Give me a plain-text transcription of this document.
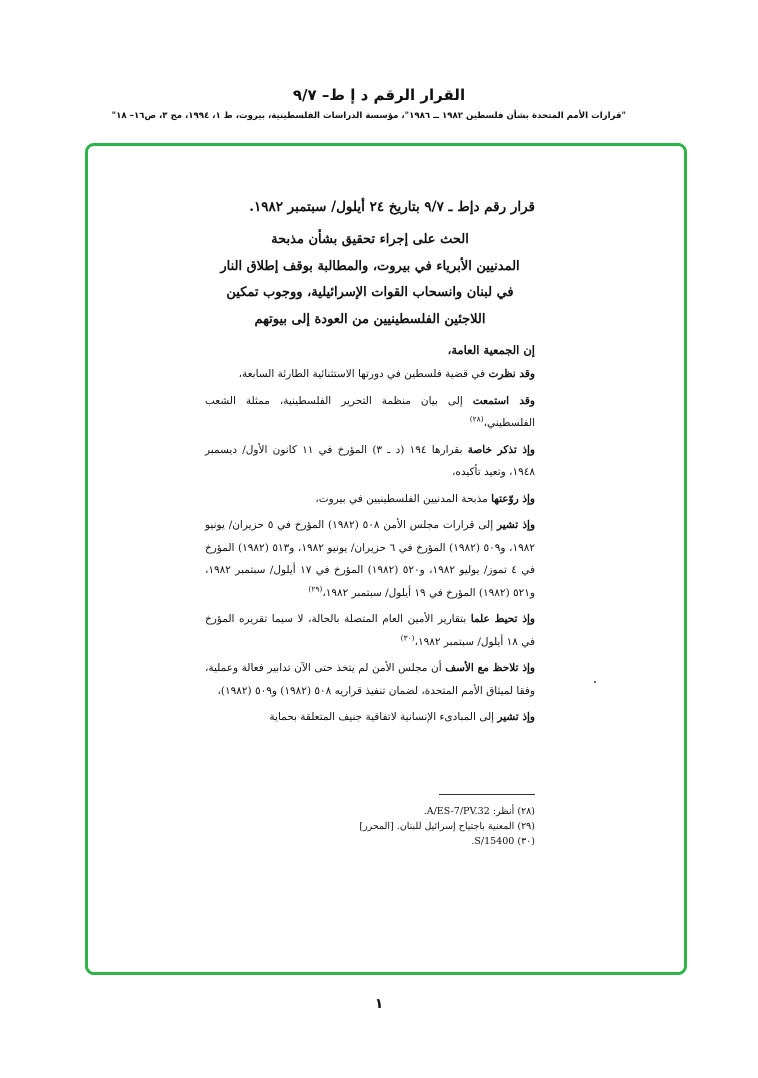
القرار الرقم د إ ط– ٩/٧
"قرارات الأمم المتحدة بشأن فلسطين ١٩٨٢ ــ ١٩٨٦"، مؤسسة الدراسات الفلسطينية، بيروت، ط ١، ١٩٩٤، مج ٣، ص١٦– ١٨"
قرار رقم دإط ـ ٩/٧ بتاريخ ٢٤ أيلول/ سبتمبر ١٩٨٢.
الحث على إجراء تحقيق بشأن مذبحة
المدنيين الأبرياء في بيروت، والمطالبة بوقف إطلاق النار
في لبنان وانسحاب القوات الإسرائيلية، ووجوب تمكين
اللاجئين الفلسطينيين من العودة إلى بيوتهم
إن الجمعية العامة،
وقد نظرت في قضية فلسطين في دورتها الاستثنائية الطارئة السابعة،
وقد استمعت إلى بيان منظمة التحرير الفلسطينية، ممثلة الشعب الفلسطيني،$^{(٢٨)}$
وإذ تذكر خاصة بقرارها ١٩٤ (د ـ ٣) المؤرخ في ١١ كانون الأول/ ديسمبر ١٩٤٨، وتعيد تأكيده،
وإذ روّعتها مذبحة المدنيين الفلسطينيين في بيروت،
وإذ تشير إلى قرارات مجلس الأمن ٥٠٨ (١٩٨٢) المؤرخ في ٥ حزيران/ يونيو ١٩٨٢، و٥٠٩ (١٩٨٢) المؤرخ في ٦ حزيران/ يونيو ١٩٨٢، و٥١٣ (١٩٨٢) المؤرخ في ٤ تموز/ يوليو ١٩٨٢، و٥٢٠ (١٩٨٢) المؤرخ في ١٧ أيلول/ سبتمبر ١٩٨٢، و٥٢١ (١٩٨٢) المؤرخ في ١٩ أيلول/ سبتمبر ١٩٨٢،$^{(٢٩)}$
وإذ تحيط علما بتقارير الأمين العام المتصلة بالحالة، لا سيما تقريره المؤرخ في ١٨ أيلول/ سبتمبر ١٩٨٢،$^{(٣٠)}$
وإذ تلاحظ مع الأسف أن مجلس الأمن لم يتخذ حتى الآن تدابير فعالة وعملية، وفقا لميثاق الأمم المتحدة، لضمان تنفيذ قراريه ٥٠٨ (١٩٨٢) و٥٠٩ (١٩٨٢)،
وإذ تشير إلى المبادىء الإنسانية لاتفاقية جنيف المتعلقة بحماية
(٢٨) أنظر: A/ES-7/PV.32.
(٢٩) المعنية باجتياح إسرائيل للبنان. [المحرر]
(٣٠) S/15400.
١
